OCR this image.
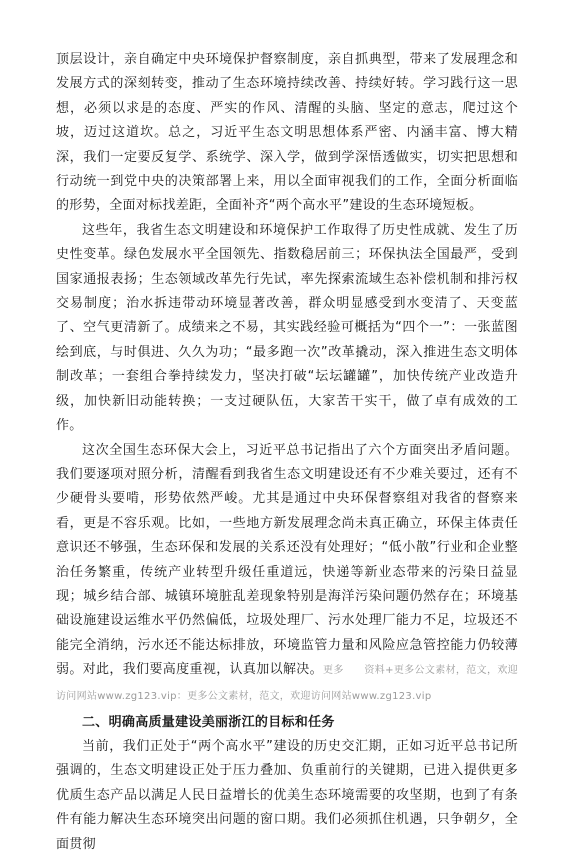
顶层设计，亲自确定中央环境保护督察制度，亲自抓典型，带来了发展理念和发展方式的深刻转变，推动了生态环境持续改善、持续好转。学习践行这一思想，必须以求是的态度、严实的作风、清醒的头脑、坚定的意志，爬过这个坡，迈过这道坎。总之，习近平生态文明思想体系严密、内涵丰富、博大精深，我们一定要反复学、系统学、深入学，做到学深悟透做实，切实把思想和行动统一到党中央的决策部署上来，用以全面审视我们的工作，全面分析面临的形势，全面对标找差距，全面补齐“两个高水平”建设的生态环境短板。

这些年，我省生态文明建设和环境保护工作取得了历史性成就、发生了历史性变革。绿色发展水平全国领先、指数稳居前三；环保执法全国最严，受到国家通报表扬；生态领域改革先行先试，率先探索流域生态补偿机制和排污权交易制度；治水拆违带动环境显著改善，群众明显感受到水变清了、天变蓝了、空气更清新了。成绩来之不易，其实践经验可概括为“四个一”：一张蓝图绘到底，与时俱进、久久为功；“最多跑一次”改革撬动，深入推进生态文明体制改革；一套组合拳持续发力，坚决打破“坛坛罐罐”，加快传统产业改造升级，加快新旧动能转换；一支过硬队伍，大家苦干实干，做了卓有成效的工作。

这次全国生态环保大会上，习近平总书记指出了六个方面突出矛盾问题。我们要逐项对照分析，清醒看到我省生态文明建设还有不少难关要过，还有不少硬骨头要啃，形势依然严峻。尤其是通过中央环保督察组对我省的督察来看，更是不容乐观。比如，一些地方新发展理念尚未真正确立，环保主体责任意识还不够强，生态环保和发展的关系还没有处理好；“低小散”行业和企业整治任务繁重，传统产业转型升级任重道远，快递等新业态带来的污染日益显现；城乡结合部、城镇环境脏乱差现象特别是海洋污染问题仍然存在；环境基础设施建设运维水平仍然偏低，垃圾处理厂、污水处理厂能力不足，垃圾还不能完全消纳，污水还不能达标排放，环境监管力量和风险应急管控能力仍较薄弱。对此，我们要高度重视，认真加以解决。更多　　资料+更多公文素材，范文，欢迎访问网站www.zg123.vip：更多公文素材，范文，欢迎访问网站www.zg123.vip

二、明确高质量建设美丽浙江的目标和任务

当前，我们正处于“两个高水平”建设的历史交汇期，正如习近平总书记所强调的，生态文明建设正处于压力叠加、负重前行的关键期，已进入提供更多优质生态产品以满足人民日益增长的优美生态环境需要的攻坚期，也到了有条件有能力解决生态环境突出问题的窗口期。我们必须抓住机遇，只争朝夕，全面贯彻
